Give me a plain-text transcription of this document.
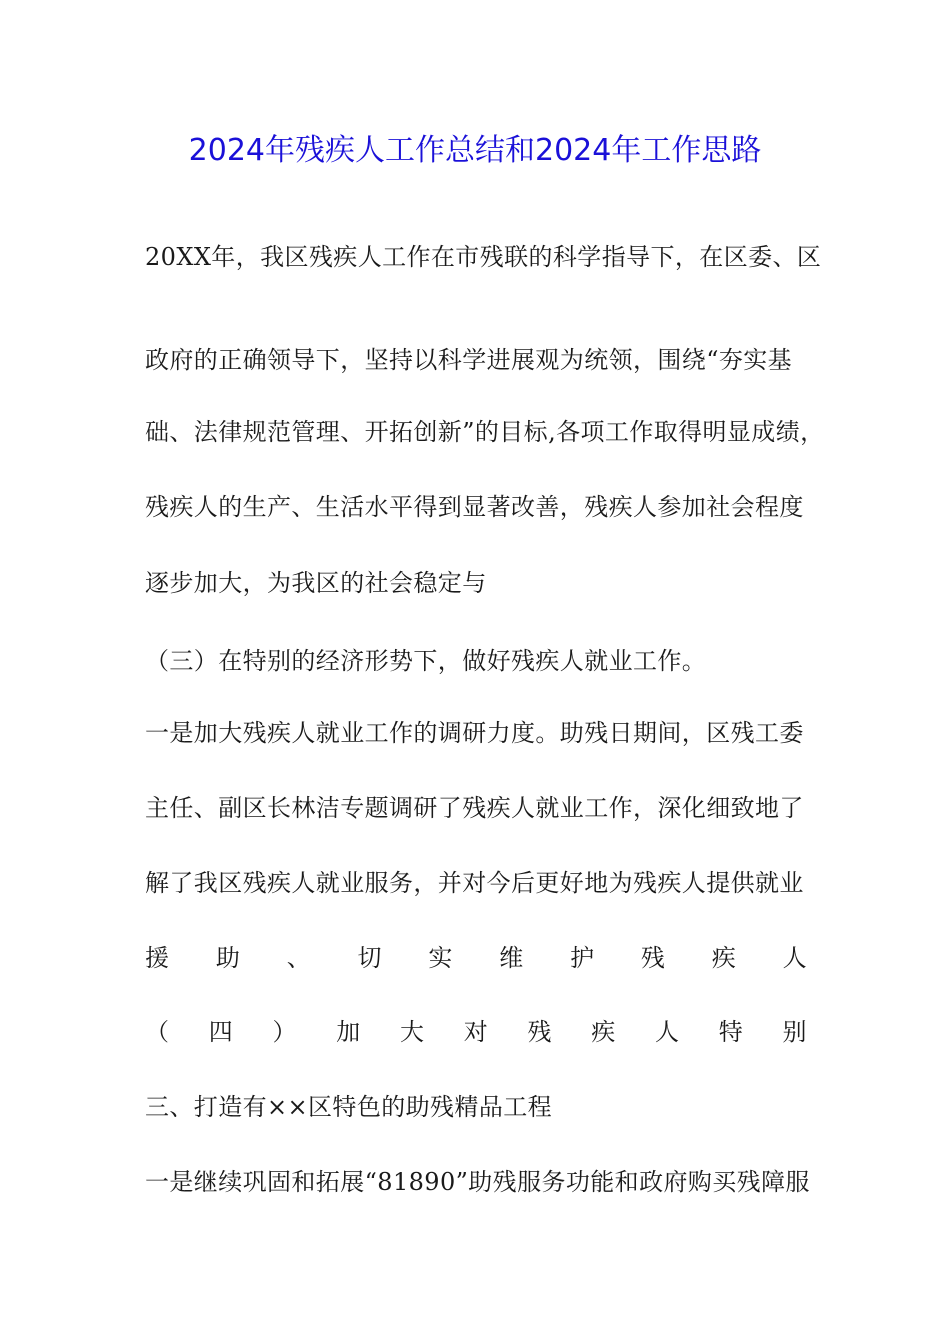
2024年残疾人工作总结和2024年工作思路
20XX年，我区残疾人工作在市残联的科学指导下，在区委、区
政府的正确领导下，坚持以科学进展观为统领，围绕“夯实基
础、法律规范管理、开拓创新”的目标,各项工作取得明显成绩，
残疾人的生产、生活水平得到显著改善，残疾人参加社会程度
逐步加大，为我区的社会稳定与
（三）在特别的经济形势下，做好残疾人就业工作。
一是加大残疾人就业工作的调研力度。助残日期间，区残工委
主任、副区长林洁专题调研了残疾人就业工作，深化细致地了
解了我区残疾人就业服务，并对今后更好地为残疾人提供就业
援 助 、 切 实 维 护 残 疾 人
（ 四 ） 加 大 对 残 疾 人 特 别
三、打造有××区特色的助残精品工程
一是继续巩固和拓展“81890”助残服务功能和政府购买残障服
